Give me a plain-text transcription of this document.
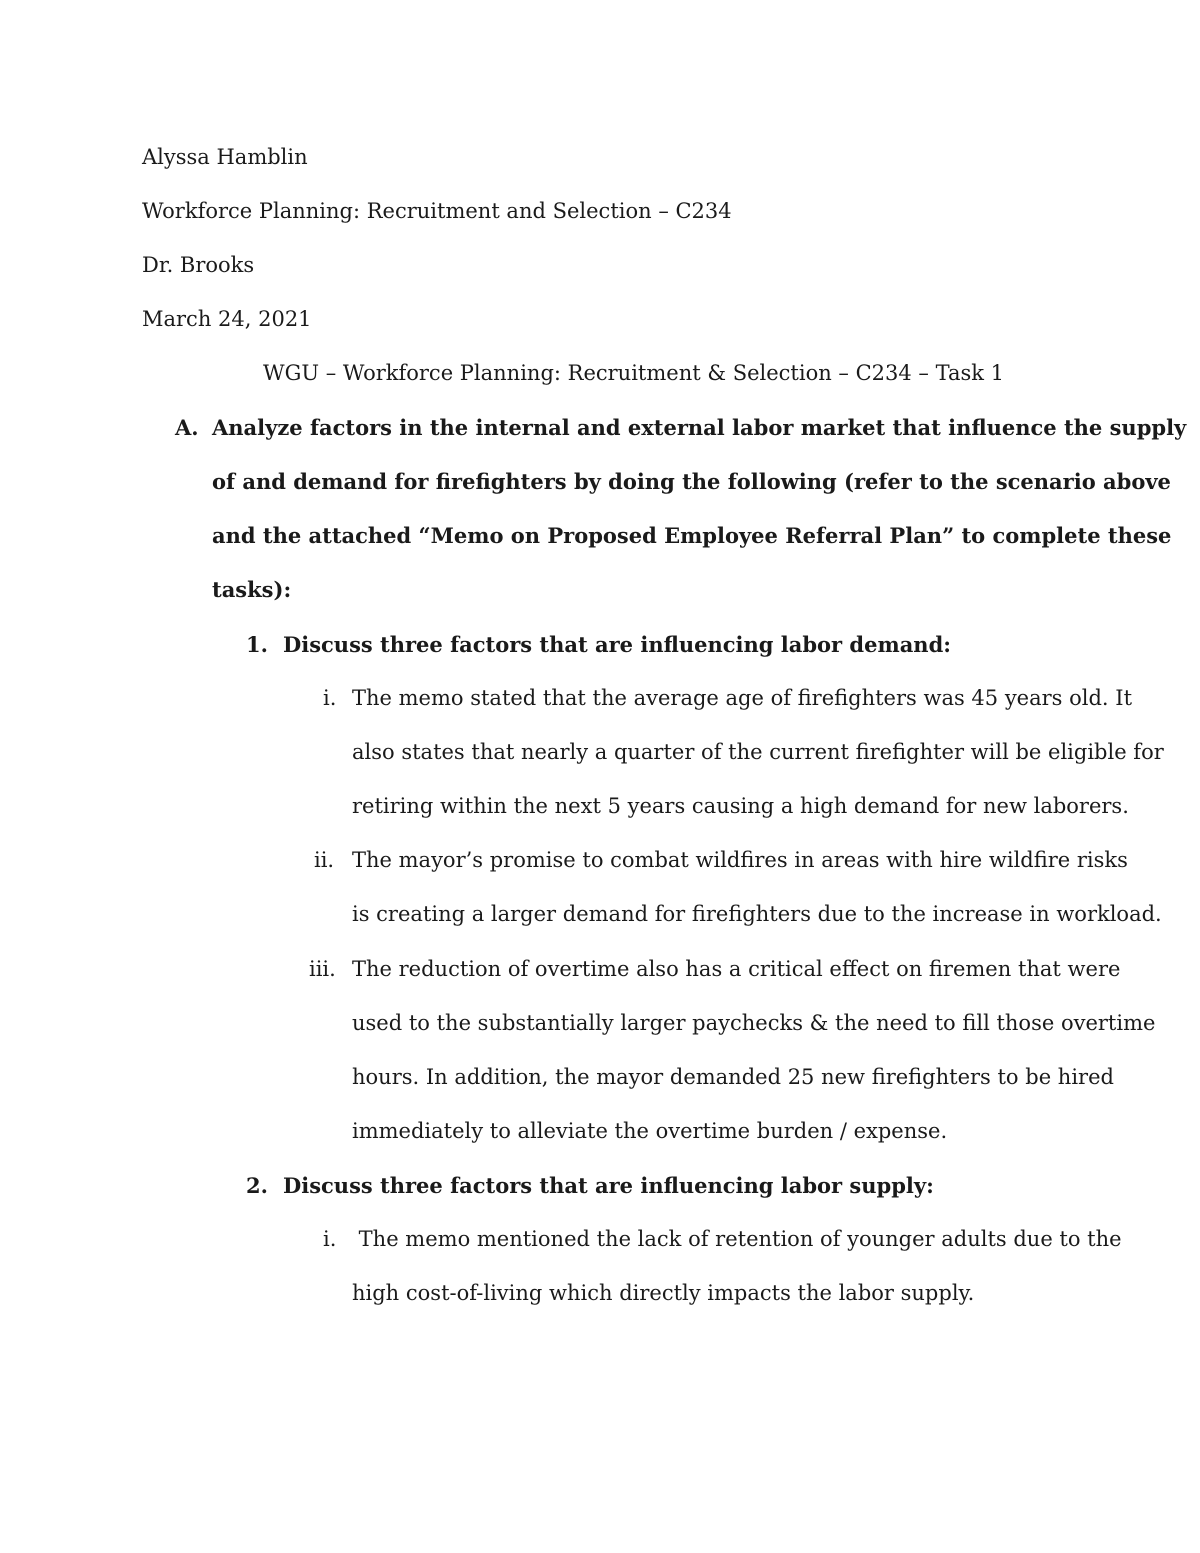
Alyssa Hamblin
Workforce Planning: Recruitment and Selection – C234
Dr. Brooks
March 24, 2021
WGU – Workforce Planning: Recruitment & Selection – C234 – Task 1
A. Analyze factors in the internal and external labor market that influence the supply
of and demand for firefighters by doing the following (refer to the scenario above
and the attached “Memo on Proposed Employee Referral Plan” to complete these
tasks):
1. Discuss three factors that are influencing labor demand:
i. The memo stated that the average age of firefighters was 45 years old. It
also states that nearly a quarter of the current firefighter will be eligible for
retiring within the next 5 years causing a high demand for new laborers.
ii. The mayor’s promise to combat wildfires in areas with hire wildfire risks
is creating a larger demand for firefighters due to the increase in workload.
iii. The reduction of overtime also has a critical effect on firemen that were
used to the substantially larger paychecks & the need to fill those overtime
hours. In addition, the mayor demanded 25 new firefighters to be hired
immediately to alleviate the overtime burden / expense.
2. Discuss three factors that are influencing labor supply:
i. The memo mentioned the lack of retention of younger adults due to the
high cost-of-living which directly impacts the labor supply.
